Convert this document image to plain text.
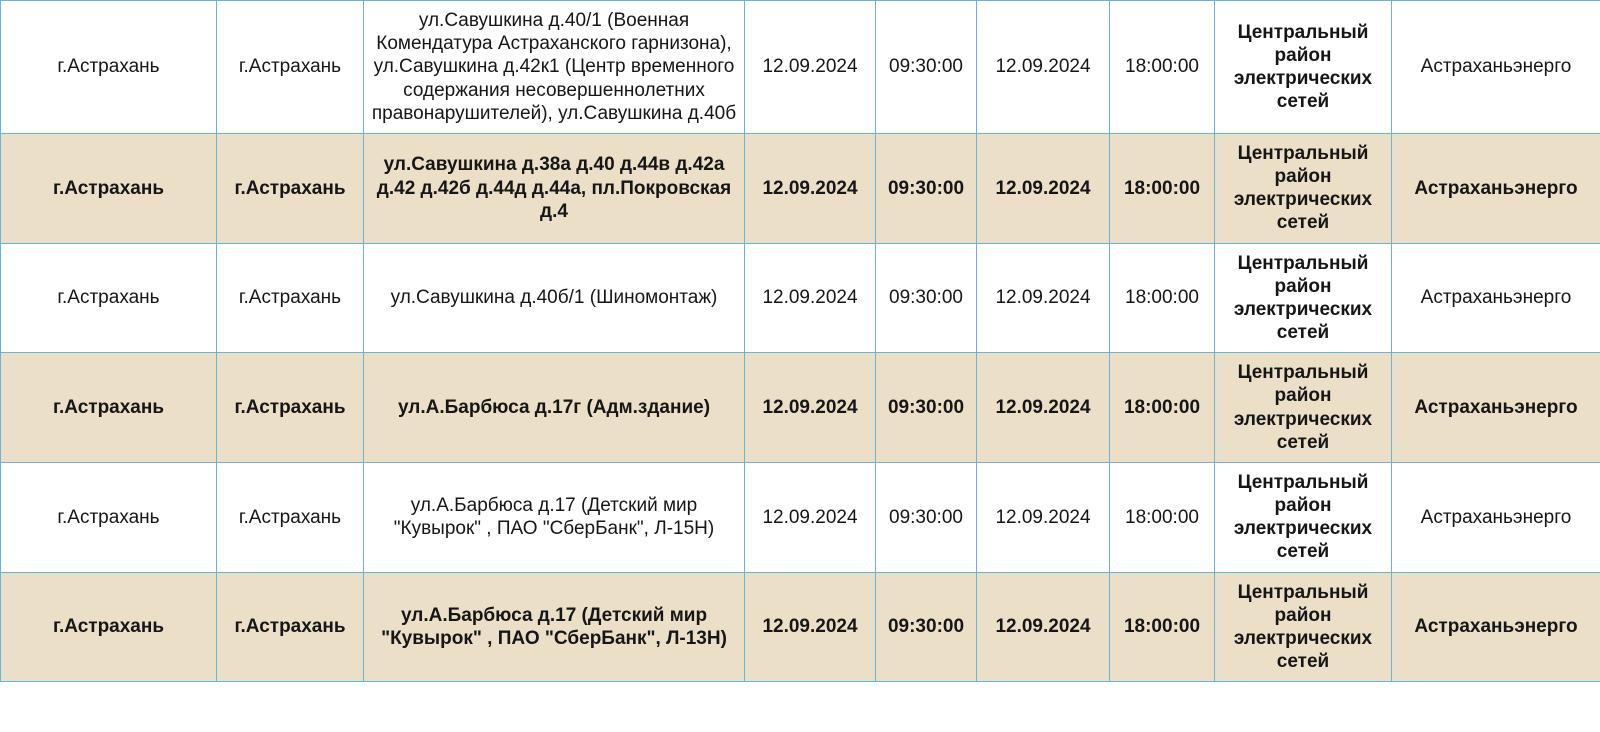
г.Астрахань	г.Астрахань	ул.Савушкина д.40/1 (Военная Комендатура Астраханского гарнизона), ул.Савушкина д.42к1 (Центр временного содержания несовершеннолетних правонарушителей), ул.Савушкина д.40б	12.09.2024	09:30:00	12.09.2024	18:00:00	Центральный район электрических сетей	Астраханьэнерго
г.Астрахань	г.Астрахань	ул.Савушкина д.38а д.40 д.44в д.42а д.42 д.42б д.44д д.44а, пл.Покровская д.4	12.09.2024	09:30:00	12.09.2024	18:00:00	Центральный район электрических сетей	Астраханьэнерго
г.Астрахань	г.Астрахань	ул.Савушкина д.40б/1 (Шиномонтаж)	12.09.2024	09:30:00	12.09.2024	18:00:00	Центральный район электрических сетей	Астраханьэнерго
г.Астрахань	г.Астрахань	ул.А.Барбюса д.17г (Адм.здание)	12.09.2024	09:30:00	12.09.2024	18:00:00	Центральный район электрических сетей	Астраханьэнерго
г.Астрахань	г.Астрахань	ул.А.Барбюса д.17 (Детский мир "Кувырок" , ПАО "СберБанк", Л-15Н)	12.09.2024	09:30:00	12.09.2024	18:00:00	Центральный район электрических сетей	Астраханьэнерго
г.Астрахань	г.Астрахань	ул.А.Барбюса д.17 (Детский мир "Кувырок" , ПАО "СберБанк", Л-13Н)	12.09.2024	09:30:00	12.09.2024	18:00:00	Центральный район электрических сетей	Астраханьэнерго
